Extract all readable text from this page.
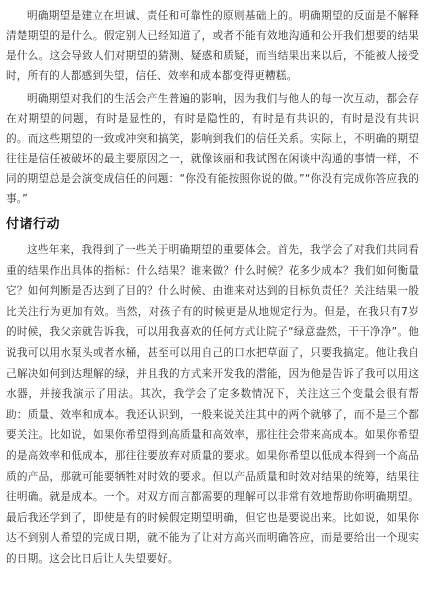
明确期望是建立在坦诚、责任和可靠性的原则基础上的。明确期望的反面是不解释清楚期望的是什么。假定别人已经知道了，或者不能有效地沟通和公开我们想要的结果是什么。这会导致人们对期望的猜测、疑惑和质疑，而当结果出来以后，不能被人接受时，所有的人都感到失望，信任、效率和成本都变得更糟糕。

明确期望对我们的生活会产生普遍的影响，因为我们与他人的每一次互动，都会存在对期望的问题，有时是显性的，有时是隐性的，有时是有共识的，有时是没有共识的。而这些期望的一致或冲突和搞笑，影响到我们的信任关系。实际上，不明确的期望往往是信任被破坏的最主要原因之一，就像该丽和我试图在闲谈中沟通的事情一样，不同的期望总是会演变成信任的问题：“你没有能按照你说的做。”“你没有完成你答应我的事。”

付诸行动

这些年来，我得到了一些关于明确期望的重要体会。首先，我学会了对我们共同看重的结果作出具体的指标：什么结果？谁来做？什么时候？花多少成本？我们如何衡量它？如何判断是否达到了目的？什么时候、由谁来对达到的目标负责任？关注结果一般比关注行为更加有效。当然，对孩子有的时候更是从地规定行为。但是，在我只有7岁的时候，我父亲就告诉我，可以用我喜欢的任何方式让院子“绿意盎然，干干净净”。他说我可以用水泵头或者水桶，甚至可以用自己的口水把草面了，只要我搞定。他让我自己解决如何到达理解的绿，并且我的方式来开发我的潜能，因为他是告诉了我可以用这水器，并接我演示了用法。其次，我学会了定多数情况下，关注这三个变量会很有帮助：质量、效率和成本。我还认识到，一般来说关注其中的两个就够了，而不是三个都要关注。比如说，如果你希望得到高质量和高效率，那往往会带来高成本。如果你希望的是高效率和低成本，那往往要放弃对质量的要求。如果你希望以低成本得到一个高品质的产品，那就可能要牺牲对时效的要求。但以产品质量和时效对结果的统筹，结果往往明确。就是成本。一个。对双方而言都需要的理解可以非常有效地帮助你明确期望。最后我还学到了，即使是有的时候假定期望明确，但它也是要说出来。比如说，如果你达不到别人希望的完成日期，就不能为了让对方高兴而明确答应，而是要给出一个现实的日期。这会比日后让人失望要好。
